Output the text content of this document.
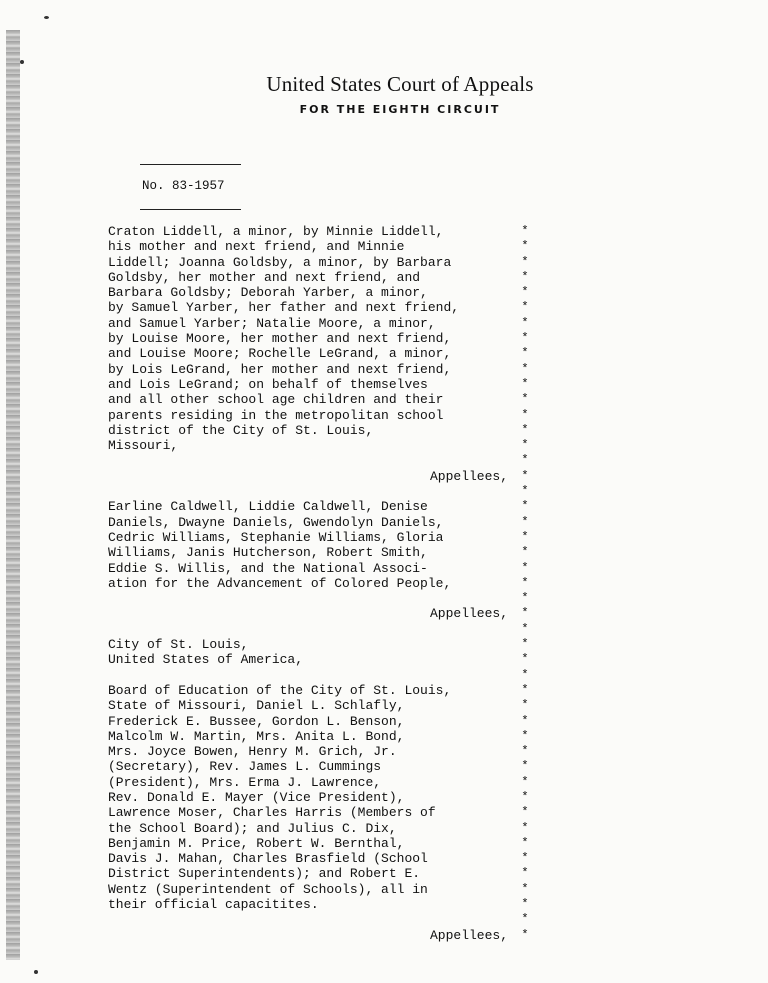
United States Court of Appeals
FOR THE EIGHTH CIRCUIT
No. 83-1957
Craton Liddell, a minor, by Minnie Liddell,
his mother and next friend, and Minnie
Liddell; Joanna Goldsby, a minor, by Barbara
Goldsby, her mother and next friend, and
Barbara Goldsby; Deborah Yarber, a minor,
by Samuel Yarber, her father and next friend,
and Samuel Yarber; Natalie Moore, a minor,
by Louise Moore, her mother and next friend,
and Louise Moore; Rochelle LeGrand, a minor,
by Lois LeGrand, her mother and next friend,
and Lois LeGrand; on behalf of themselves
and all other school age children and their
parents residing in the metropolitan school
district of the City of St. Louis,
Missouri,
Appellees,
Earline Caldwell, Liddie Caldwell, Denise
Daniels, Dwayne Daniels, Gwendolyn Daniels,
Cedric Williams, Stephanie Williams, Gloria
Williams, Janis Hutcherson, Robert Smith,
Eddie S. Willis, and the National Associ-
ation for the Advancement of Colored People,
Appellees,
City of St. Louis,
United States of America,
Board of Education of the City of St. Louis,
State of Missouri, Daniel L. Schlafly,
Frederick E. Bussee, Gordon L. Benson,
Malcolm W. Martin, Mrs. Anita L. Bond,
Mrs. Joyce Bowen, Henry M. Grich, Jr.
(Secretary), Rev. James L. Cummings
(President), Mrs. Erma J. Lawrence,
Rev. Donald E. Mayer (Vice President),
Lawrence Moser, Charles Harris (Members of
the School Board); and Julius C. Dix,
Benjamin M. Price, Robert W. Bernthal,
Davis J. Mahan, Charles Brasfield (School
District Superintendents); and Robert E.
Wentz (Superintendent of Schools), all in
their official capacitites.
Appellees,
*
*
*
*
*
*
*
*
*
*
*
*
*
*
*
*
*
*
*
*
*
*
*
*
*
*
*
*
*
*
*
*
*
*
*
*
*
*
*
*
*
*
*
*
*
*
*
